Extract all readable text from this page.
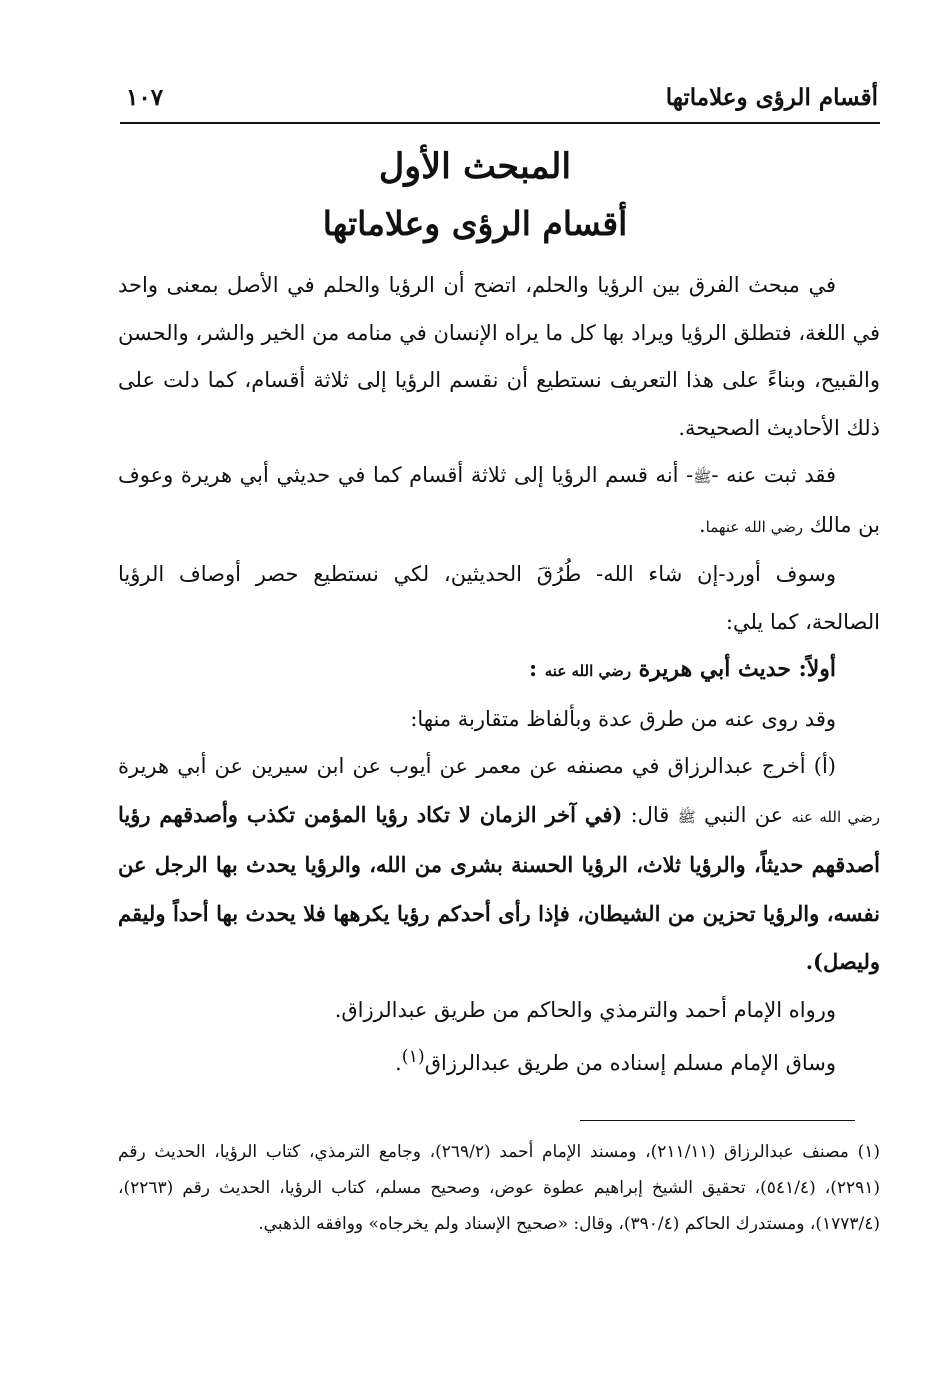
أقسام الرؤى وعلاماتها
١٠٧
المبحث الأول
أقسام الرؤى وعلاماتها

في مبحث الفرق بين الرؤيا والحلم، اتضح أن الرؤيا والحلم في الأصل بمعنى واحد في اللغة، فتطلق الرؤيا ويراد بها كل ما يراه الإنسان في منامه من الخير والشر، والحسن والقبيح، وبناءً على هذا التعريف نستطيع أن نقسم الرؤيا إلى ثلاثة أقسام، كما دلت على ذلك الأحاديث الصحيحة.

فقد ثبت عنه -ﷺ- أنه قسم الرؤيا إلى ثلاثة أقسام كما في حديثي أبي هريرة وعوف بن مالك رضي الله عنهما.

وسوف أورد-إن شاء الله- طُرُقَ الحديثين، لكي نستطيع حصر أوصاف الرؤيا الصالحة، كما يلي:

أولاً: حديث أبي هريرة رضي الله عنه :

وقد روى عنه من طرق عدة وبألفاظ متقاربة منها:

(أ) أخرج عبدالرزاق في مصنفه عن معمر عن أيوب عن ابن سيرين عن أبي هريرة رضي الله عنه عن النبي ﷺ قال: (في آخر الزمان لا تكاد رؤيا المؤمن تكذب وأصدقهم رؤيا أصدقهم حديثاً، والرؤيا ثلاث، الرؤيا الحسنة بشرى من الله، والرؤيا يحدث بها الرجل عن نفسه، والرؤيا تحزين من الشيطان، فإذا رأى أحدكم رؤيا يكرهها فلا يحدث بها أحداً وليقم وليصل).

ورواه الإمام أحمد والترمذي والحاكم من طريق عبدالرزاق.

وساق الإمام مسلم إسناده من طريق عبدالرزاق$^{(١)}$.

(١) مصنف عبدالرزاق (٢١١/١١)، ومسند الإمام أحمد (٢٦٩/٢)، وجامع الترمذي، كتاب الرؤيا، الحديث رقم (٢٢٩١)، (٥٤١/٤)، تحقيق الشيخ إبراهيم عطوة عوض، وصحيح مسلم، كتاب الرؤيا، الحديث رقم (٢٢٦٣)، (١٧٧٣/٤)، ومستدرك الحاكم (٣٩٠/٤)، وقال: «صحيح الإسناد ولم يخرجاه» ووافقه الذهبي.
